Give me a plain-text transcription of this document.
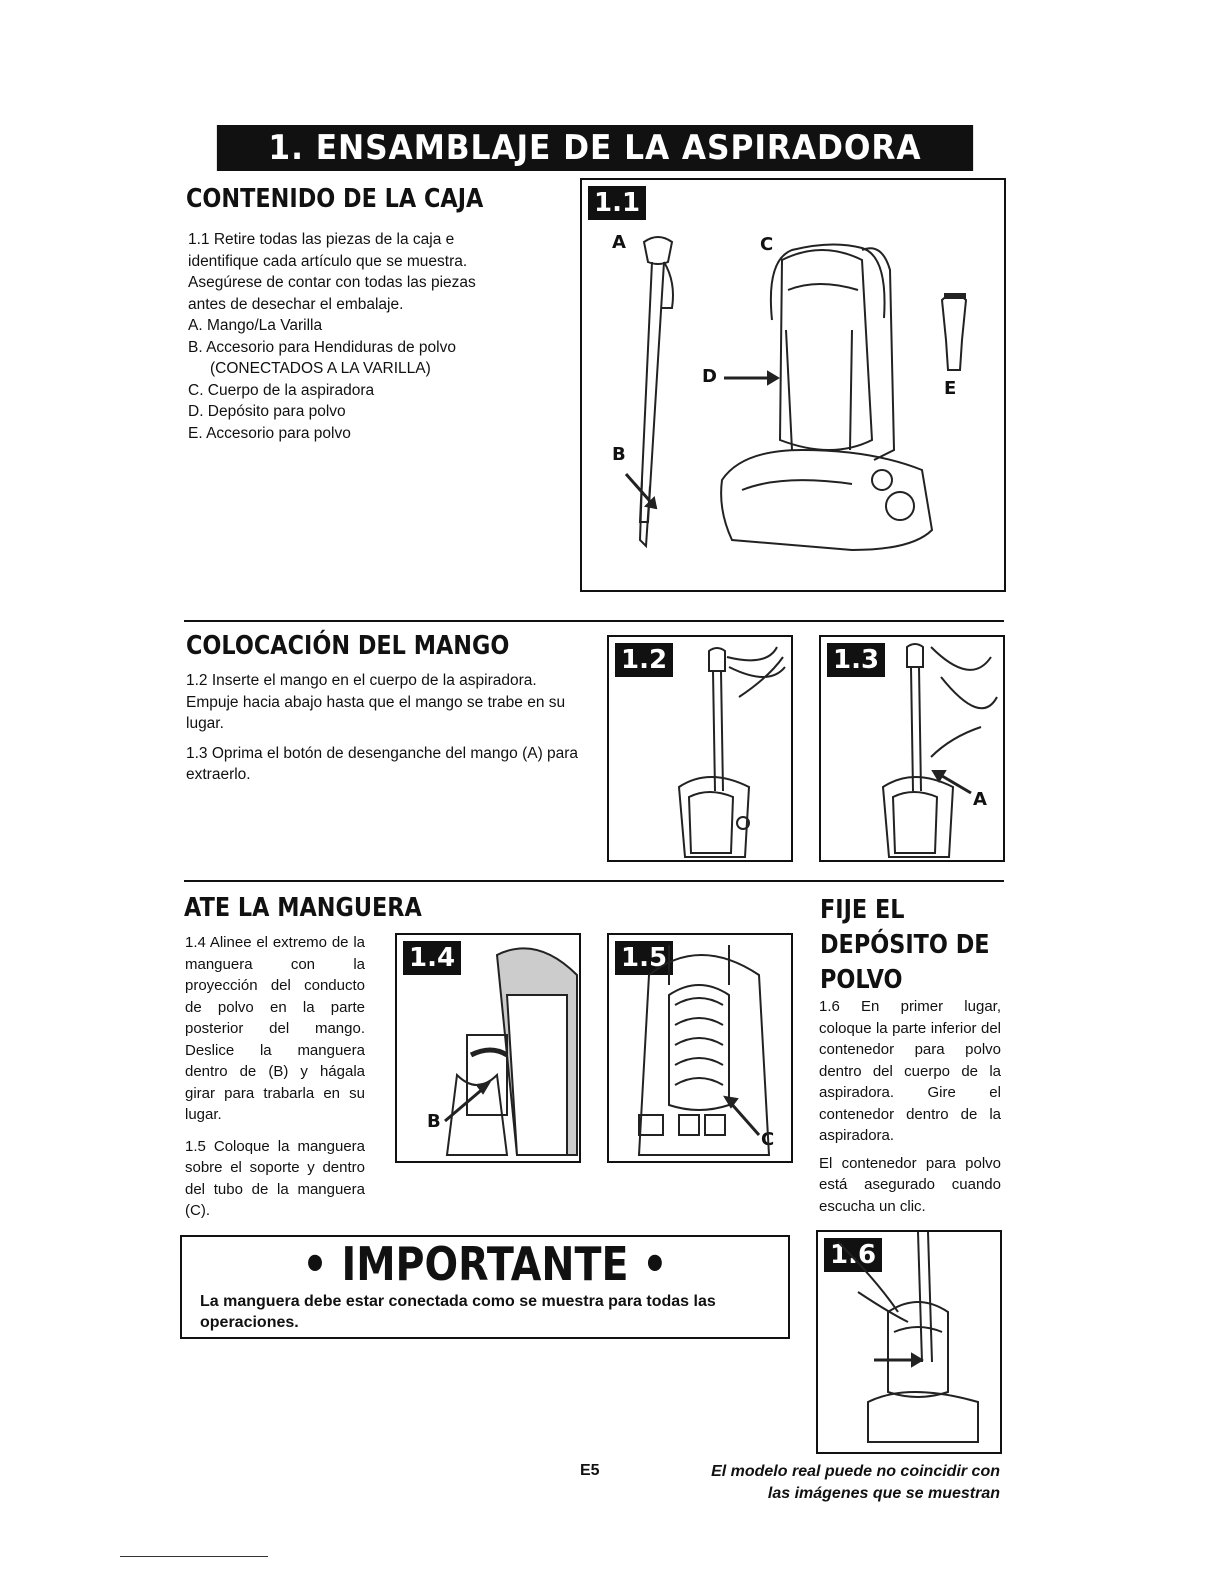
1. ENSAMBLAJE DE LA ASPIRADORA
CONTENIDO DE LA CAJA

1.1 Retire todas las piezas de la caja e

identifique cada artículo que se muestra.

Asegúrese de contar con todas las piezas

antes de desechar el embalaje.

A. Mango/La Varilla

B. Accesorio para Hendiduras de polvo

(CONECTADOS A LA VARILLA)

C. Cuerpo de la aspiradora

D. Depósito para polvo

E. Accesorio para polvo

1.1
A	C
D
E
B
COLOCACIÓN DEL MANGO

1.2 Inserte el mango en el cuerpo de la aspiradora. Empuje hacia abajo hasta que el mango se trabe en su lugar.

1.3 Oprima el botón de desenganche del mango (A) para extraerlo.

1.2	1.3
A
ATE LA MANGUERA

1.4 Alinee el extremo de la manguera con la proyección del conducto de polvo en la parte posterior del mango. Deslice la manguera dentro de (B) y hágala girar para trabarla en su lugar.

1.5 Coloque la manguera sobre el soporte y dentro del tubo de la manguera (C).

1.4
B
1.5
C
FIJE EL
DEPÓSITO DE
POLVO

1.6 En primer lugar, coloque la parte inferior del contenedor para polvo dentro del cuerpo de la aspiradora. Gire el contenedor dentro de la aspiradora.

El contenedor para polvo está asegurado cuando escucha un clic.

1.6
• IMPORTANTE •
La manguera debe estar conectada como se muestra para todas las operaciones.
E5	El modelo real puede no coincidir con
las imágenes que se muestran
